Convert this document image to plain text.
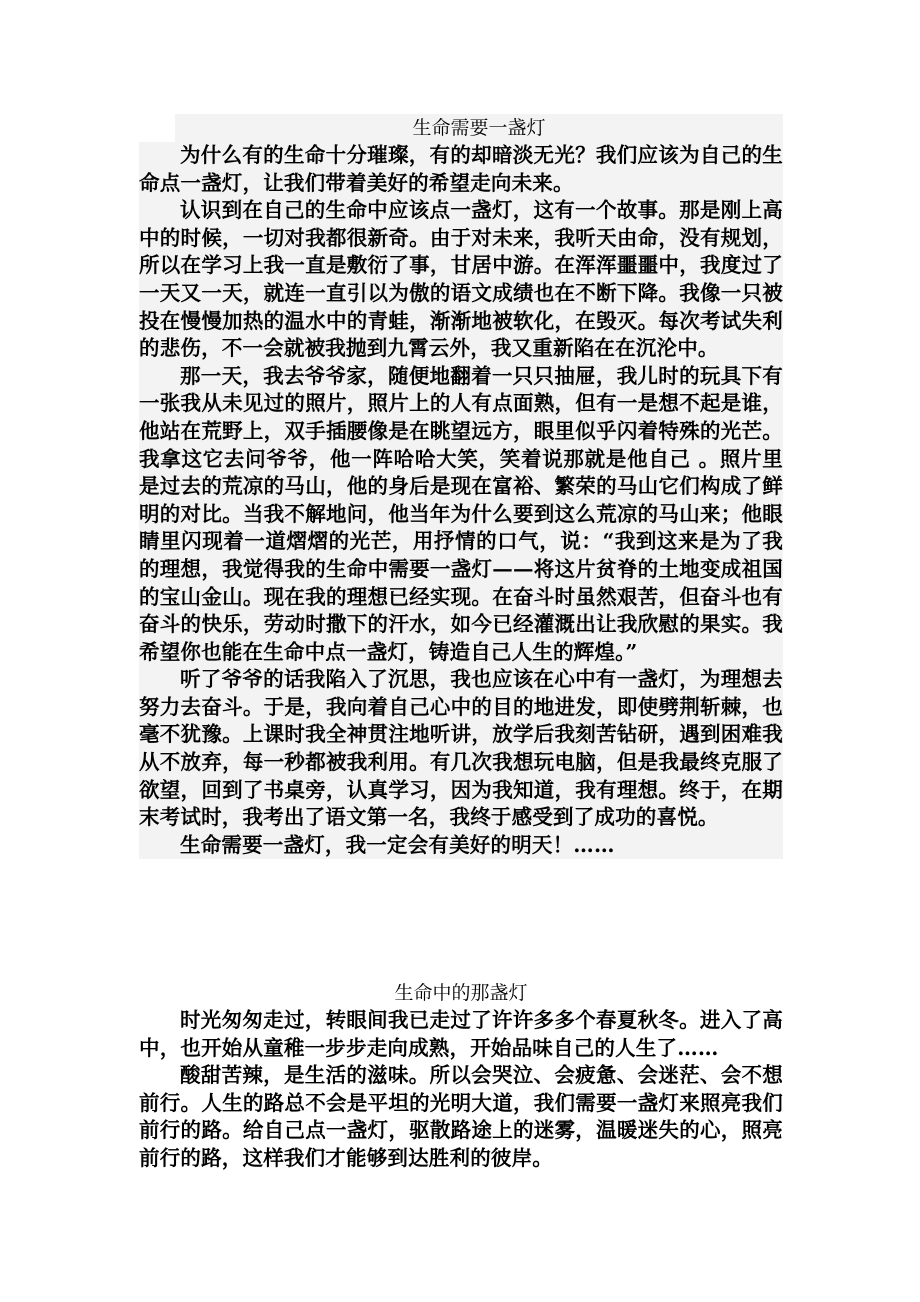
生命需要一盏灯

为什么有的生命十分璀璨，有的却暗淡无光？我们应该为自己的生命点一盏灯，让我们带着美好的希望走向未来。

认识到在自己的生命中应该点一盏灯，这有一个故事。那是刚上高中的时候，一切对我都很新奇。由于对未来，我听天由命，没有规划，所以在学习上我一直是敷衍了事，甘居中游。在浑浑噩噩中，我度过了一天又一天，就连一直引以为傲的语文成绩也在不断下降。我像一只被投在慢慢加热的温水中的青蛙，渐渐地被软化，在毁灭。每次考试失利的悲伤，不一会就被我抛到九霄云外，我又重新陷在在沉沦中。

那一天，我去爷爷家，随便地翻着一只只抽屉，我儿时的玩具下有一张我从未见过的照片，照片上的人有点面熟，但有一是想不起是谁，他站在荒野上，双手插腰像是在眺望远方，眼里似乎闪着特殊的光芒。我拿这它去问爷爷，他一阵哈哈大笑，笑着说那就是他自己 。照片里是过去的荒凉的马山，他的身后是现在富裕、繁荣的马山它们构成了鲜明的对比。当我不解地问，他当年为什么要到这么荒凉的马山来；他眼睛里闪现着一道熠熠的光芒，用抒情的口气，说：“我到这来是为了我的理想，我觉得我的生命中需要一盏灯——将这片贫脊的土地变成祖国的宝山金山。现在我的理想已经实现。在奋斗时虽然艰苦，但奋斗也有奋斗的快乐，劳动时撒下的汗水，如今已经灌溉出让我欣慰的果实。我希望你也能在生命中点一盏灯，铸造自己人生的辉煌。”

听了爷爷的话我陷入了沉思，我也应该在心中有一盏灯，为理想去努力去奋斗。于是，我向着自己心中的目的地进发，即使劈荆斩棘，也毫不犹豫。上课时我全神贯注地听讲，放学后我刻苦钻研，遇到困难我从不放弃，每一秒都被我利用。有几次我想玩电脑，但是我最终克服了欲望，回到了书桌旁，认真学习，因为我知道，我有理想。终于，在期末考试时，我考出了语文第一名，我终于感受到了成功的喜悦。

生命需要一盏灯，我一定会有美好的明天！……

生命中的那盏灯

时光匆匆走过，转眼间我已走过了许许多多个春夏秋冬。进入了高中，也开始从童稚一步步走向成熟，开始品味自己的人生了……

酸甜苦辣，是生活的滋味。所以会哭泣、会疲惫、会迷茫、会不想前行。人生的路总不会是平坦的光明大道，我们需要一盏灯来照亮我们前行的路。给自己点一盏灯，驱散路途上的迷雾，温暖迷失的心，照亮前行的路，这样我们才能够到达胜利的彼岸。
